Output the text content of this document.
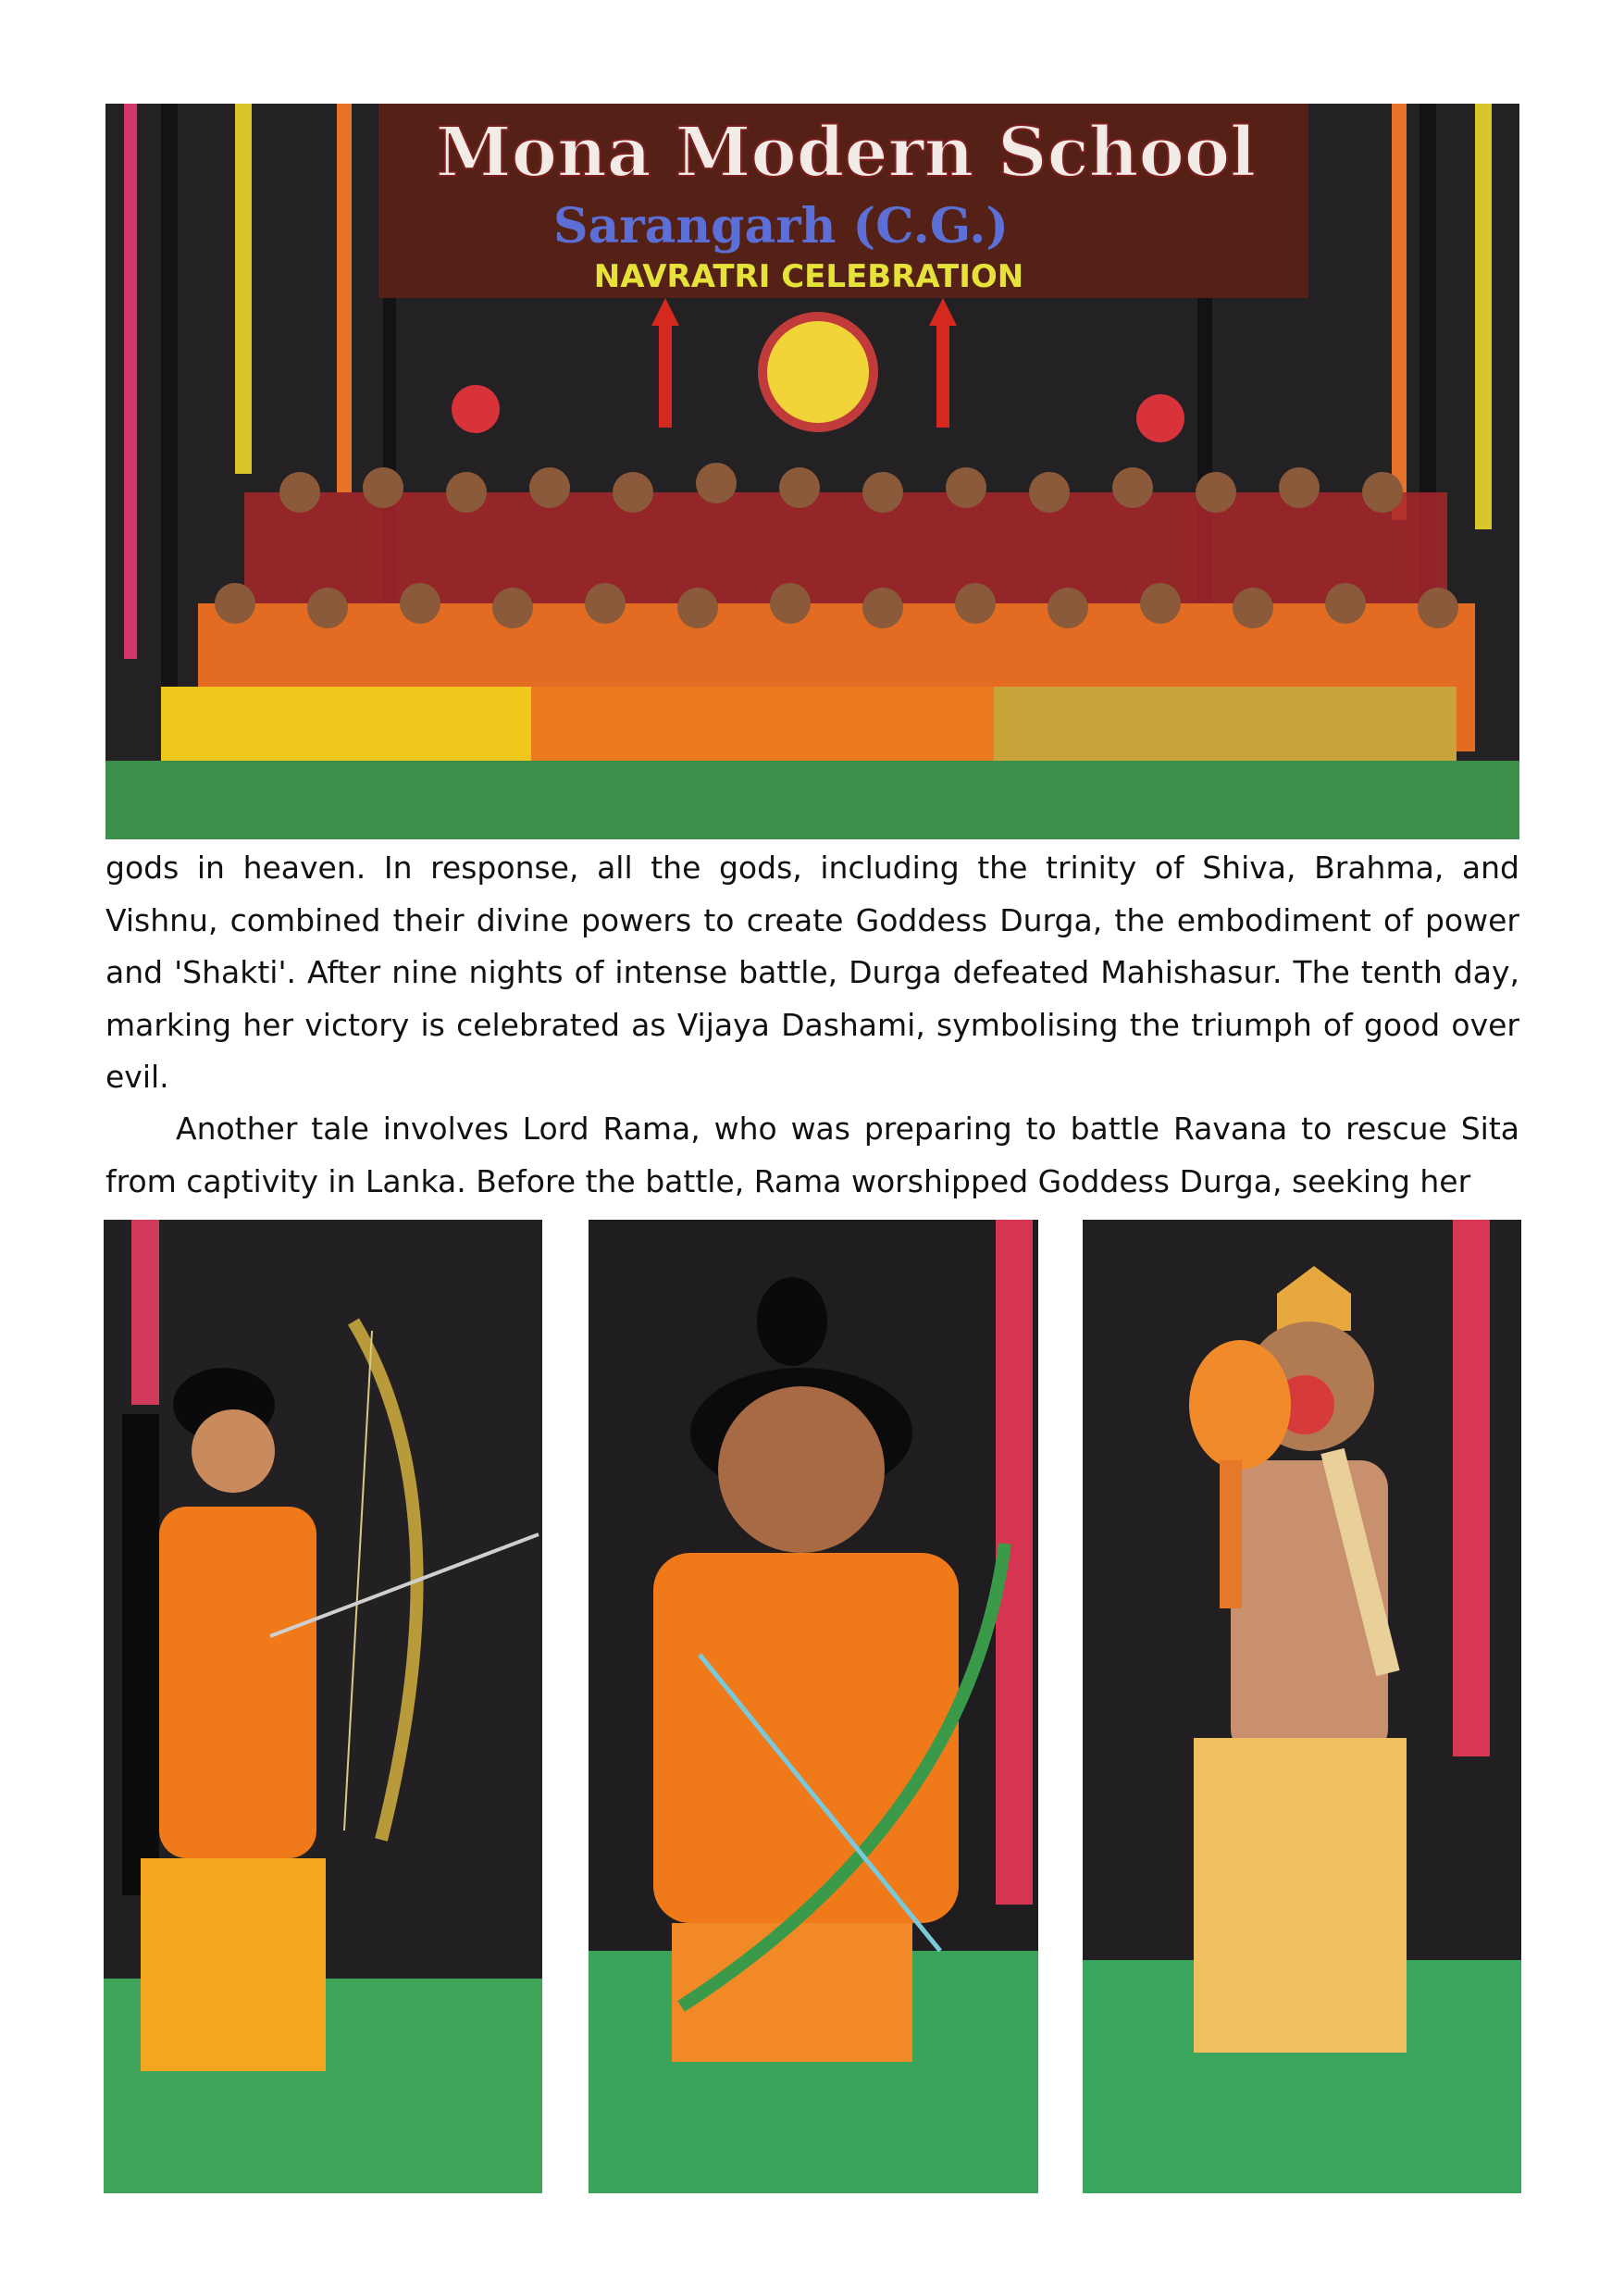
Mona Modern School
Sarangarh (C.G.)
NAVRATRI CELEBRATION

gods in heaven. In response, all the gods, including the trinity of Shiva, Brahma, and Vishnu, combined their divine powers to create Goddess Durga, the embodiment of power and 'Shakti'. After nine nights of intense battle, Durga defeated Mahishasur. The tenth day, marking her victory is celebrated as Vijaya Dashami, symbolising the triumph of good over evil.

Another tale involves Lord Rama, who was preparing to battle Ravana to rescue Sita from captivity in Lanka. Before the battle, Rama worshipped Goddess Durga, seeking her
